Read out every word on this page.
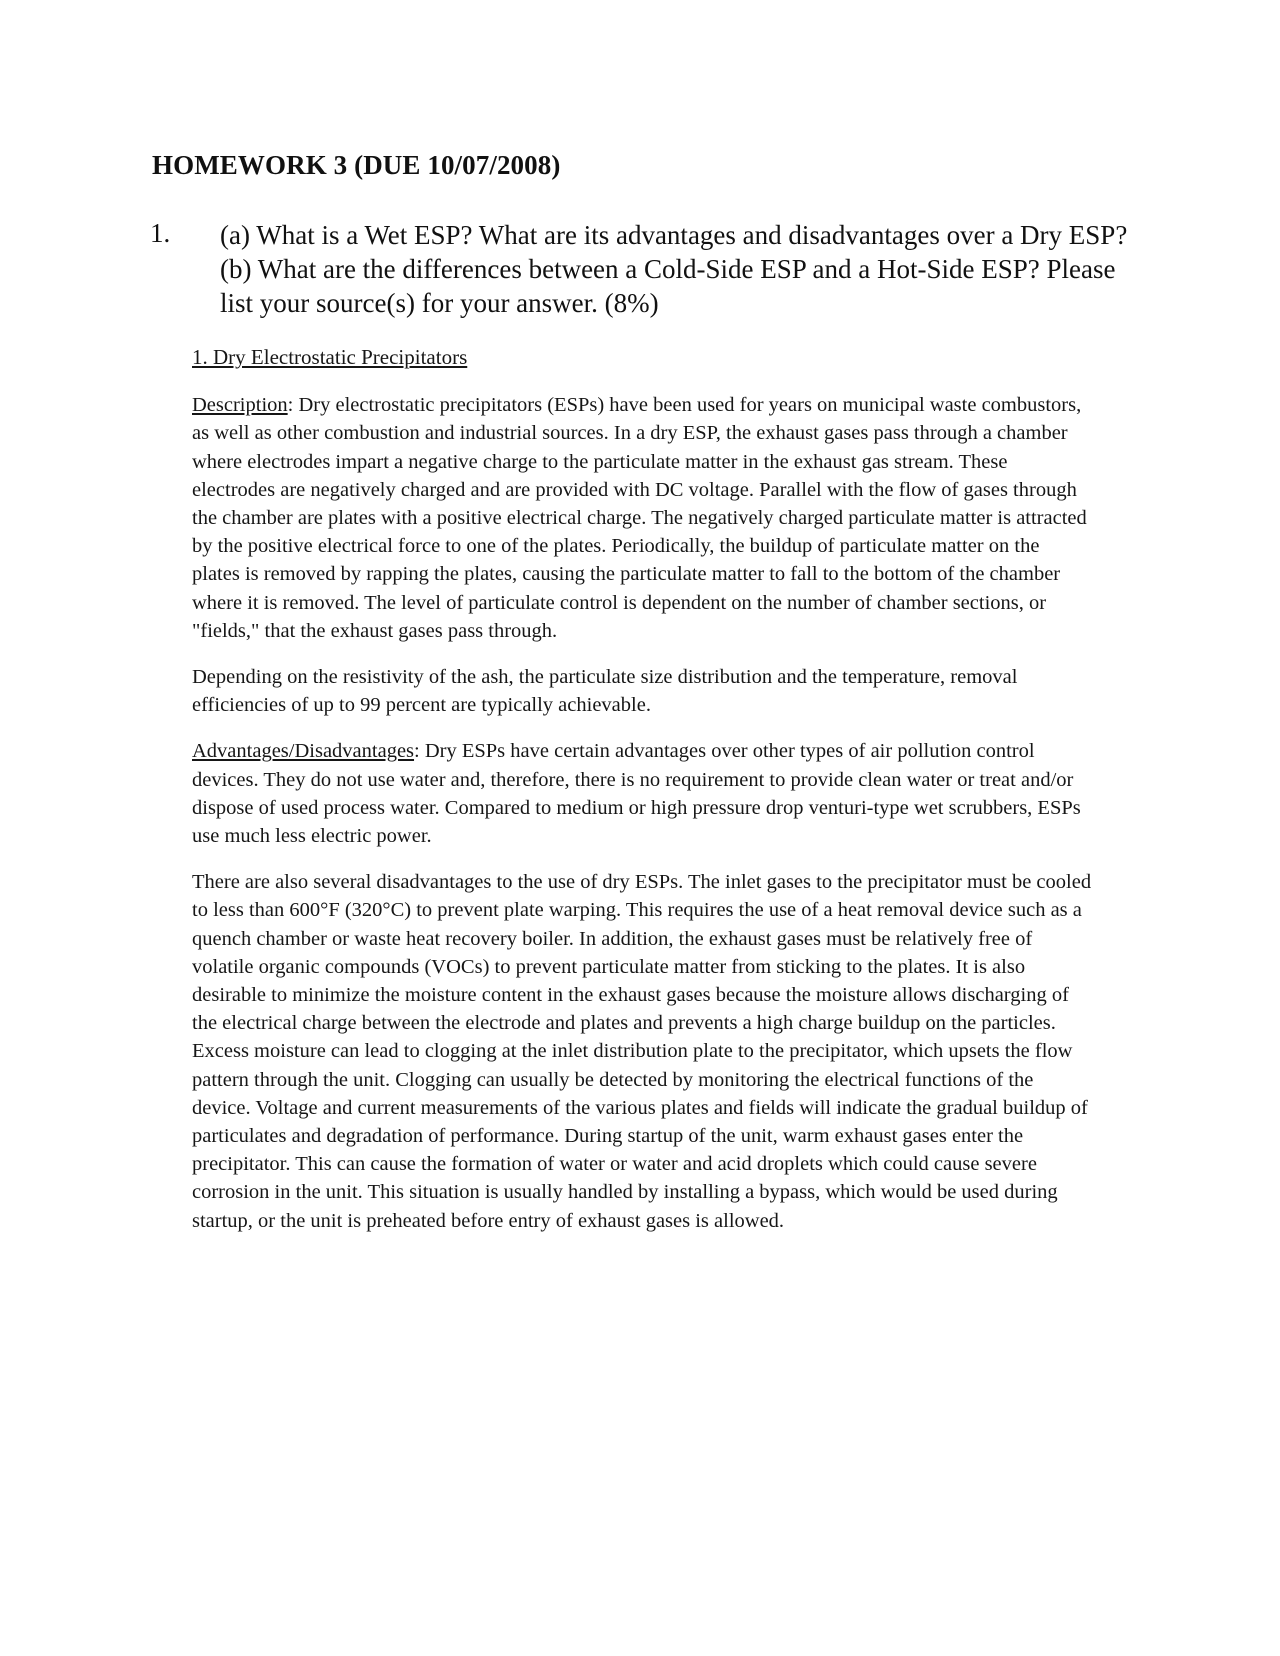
HOMEWORK 3 (DUE 10/07/2008)
1. (a) What is a Wet ESP? What are its advantages and disadvantages over a Dry ESP? (b) What are the differences between a Cold-Side ESP and a Hot-Side ESP? Please list your source(s) for your answer. (8%)
1. Dry Electrostatic Precipitators

Description: Dry electrostatic precipitators (ESPs) have been used for years on municipal waste combustors, as well as other combustion and industrial sources. In a dry ESP, the exhaust gases pass through a chamber where electrodes impart a negative charge to the particulate matter in the exhaust gas stream. These electrodes are negatively charged and are provided with DC voltage. Parallel with the flow of gases through the chamber are plates with a positive electrical charge. The negatively charged particulate matter is attracted by the positive electrical force to one of the plates. Periodically, the buildup of particulate matter on the plates is removed by rapping the plates, causing the particulate matter to fall to the bottom of the chamber where it is removed. The level of particulate control is dependent on the number of chamber sections, or "fields," that the exhaust gases pass through.

Depending on the resistivity of the ash, the particulate size distribution and the temperature, removal efficiencies of up to 99 percent are typically achievable.

Advantages/Disadvantages: Dry ESPs have certain advantages over other types of air pollution control devices. They do not use water and, therefore, there is no requirement to provide clean water or treat and/or dispose of used process water. Compared to medium or high pressure drop venturi-type wet scrubbers, ESPs use much less electric power.

There are also several disadvantages to the use of dry ESPs. The inlet gases to the precipitator must be cooled to less than 600°F (320°C) to prevent plate warping. This requires the use of a heat removal device such as a quench chamber or waste heat recovery boiler. In addition, the exhaust gases must be relatively free of volatile organic compounds (VOCs) to prevent particulate matter from sticking to the plates. It is also desirable to minimize the moisture content in the exhaust gases because the moisture allows discharging of the electrical charge between the electrode and plates and prevents a high charge buildup on the particles. Excess moisture can lead to clogging at the inlet distribution plate to the precipitator, which upsets the flow pattern through the unit. Clogging can usually be detected by monitoring the electrical functions of the device. Voltage and current measurements of the various plates and fields will indicate the gradual buildup of particulates and degradation of performance. During startup of the unit, warm exhaust gases enter the precipitator. This can cause the formation of water or water and acid droplets which could cause severe corrosion in the unit. This situation is usually handled by installing a bypass, which would be used during startup, or the unit is preheated before entry of exhaust gases is allowed.
